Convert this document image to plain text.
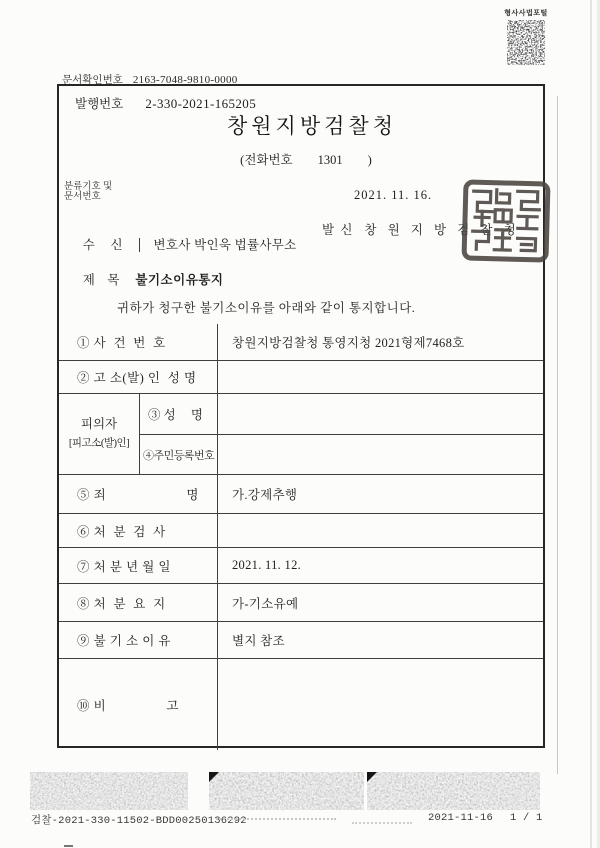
형사사법포털
문서확인번호 2163-7048-9810-0000
발행번호 2-330-2021-165205
창원지방검찰청
(전화번호        1301        )
분류기호 및
문서번호	2021. 11. 16.

수     신 변호사 박인욱 법률사무소

발  신 창 원 지 방 검 찰 청

제    목 불기소이유통지

귀하가 청구한 불기소이유를 아래와 같이 통지합니다.
① 사  건  번  호	창원지방검찰청 통영지청 2021형제7468호
② 고 소(발) 인  성 명
피의자
[피고소(발)인]
③ 성 명
④주민등록번호
⑤ 죄	명	가.강제추행
⑥ 처  분  검  사
⑦ 처 분 년 월 일	2021. 11. 12.
⑧ 처  분  요  지	가-기소유예
⑨ 불 기 소 이 유	별지 참조
⑩ 비	고
검찰-2021-330-11502-BDD00250136292	2021-11-16 1 / 1
